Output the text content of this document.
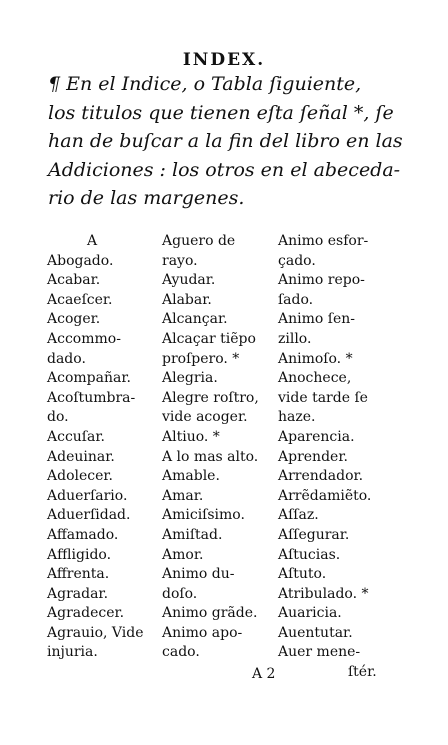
INDEX.
¶ En el Indice, o Tabla ſiguiente,
los titulos que tienen eſta ſeñal *, ſe
han de buſcar a la fin del libro en las
Addiciones : los otros en el abeceda-
rio de las margenes.
A
Abogado.
Acabar.
Acaeſcer.
Acoger.
Accommo-
dado.
Acompañar.
Acoſtumbra-
do.
Accuſar.
Adeuinar.
Adolecer.
Aduerſario.
Aduerſidad.
Affamado.
Affligido.
Affrenta.
Agradar.
Agradecer.
Agrauio, Vide
injuria.
Aguero de
rayo.
Ayudar.
Alabar.
Alcançar.
Alcaçar tiẽpo
proſpero. *
Alegria.
Alegre roſtro,
vide acoger.
Altiuo. *
A lo mas alto.
Amable.
Amar.
Amiciſsimo.
Amiſtad.
Amor.
Animo du-
doſo.
Animo grãde.
Animo apo-
cado.
Animo esfor-
çado.
Animo repo-
ſado.
Animo ſen-
zillo.
Animoſo. *
Anochece,
vide tarde ſe
haze.
Aparencia.
Aprender.
Arrendador.
Arrẽdamiẽto.
Aſſaz.
Aſſegurar.
Aſtucias.
Aſtuto.
Atribulado. *
Auaricia.
Auentutar.
Auer mene-
A 2	ſtér.
